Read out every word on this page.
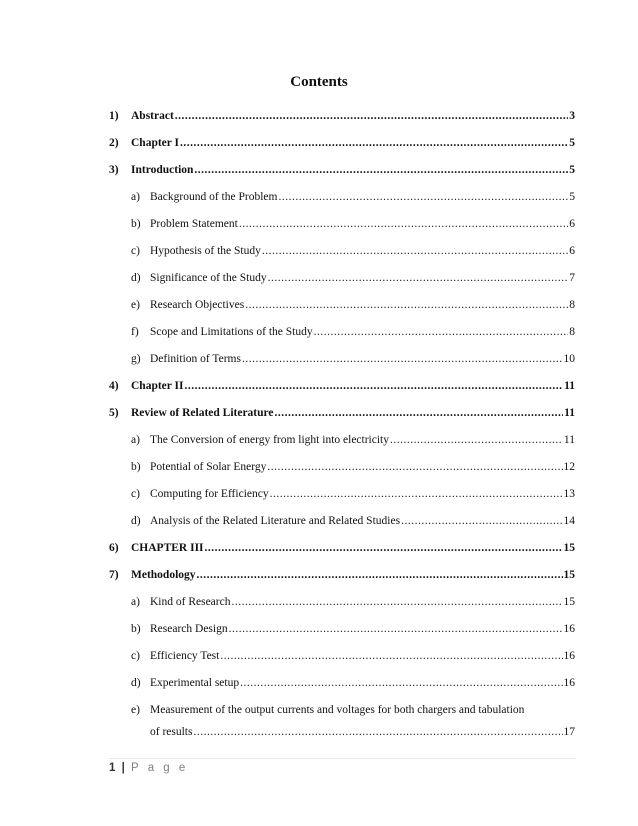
Contents
1) Abstract .....	3
2) Chapter I .....	5
3) Introduction .....	5
a) Background of the Problem .....	5
b) Problem Statement .....	6
c) Hypothesis of the Study .....	6
d) Significance of the Study .....	7
e) Research Objectives .....	8
f) Scope and Limitations of the Study .....	8
g) Definition of Terms .....	10
4) Chapter II .....	11
5) Review of Related Literature .....	11
a) The Conversion of energy from light into electricity .....	11
b) Potential of Solar Energy .....	12
c) Computing for Efficiency .....	13
d) Analysis of the Related Literature and Related Studies .....	14
6) CHAPTER III .....	15
7) Methodology .....	15
a) Kind of Research .....	15
b) Research Design .....	16
c) Efficiency Test .....	16
d) Experimental setup .....	16
e) Measurement of the output currents and voltages for both chargers and tabulation
of results .....	17
1 | P a g e
